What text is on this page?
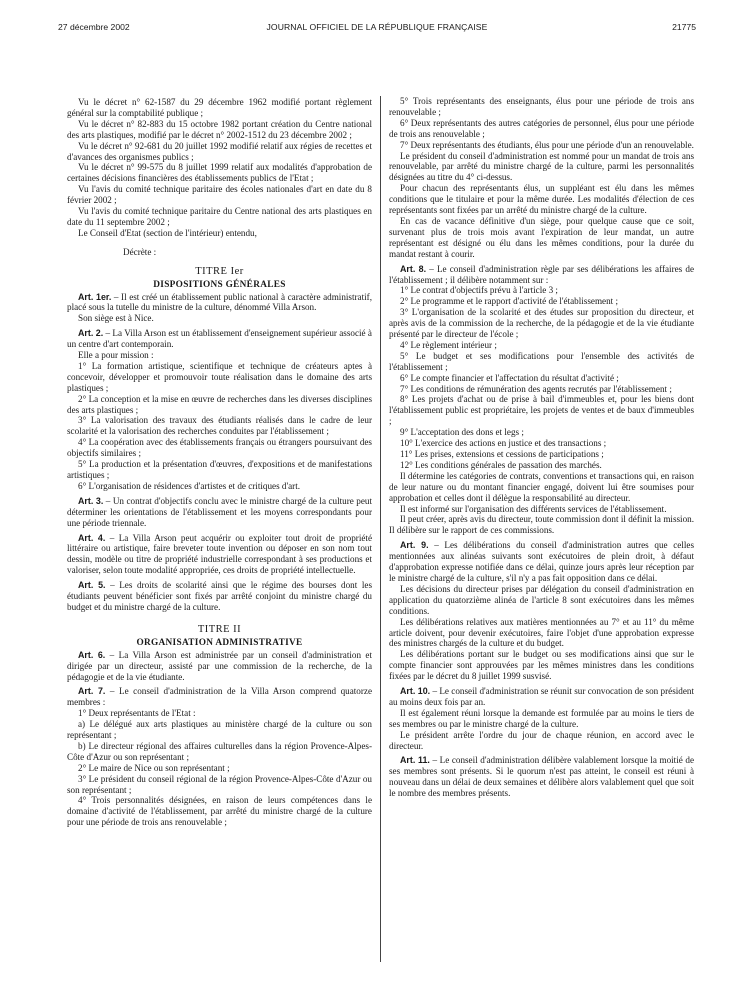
27 décembre 2002	JOURNAL OFFICIEL DE LA RÉPUBLIQUE FRANÇAISE	21775

Vu le décret n° 62-1587 du 29 décembre 1962 modifié portant règlement général sur la comptabilité publique ;

Vu le décret n° 82-883 du 15 octobre 1982 portant création du Centre national des arts plastiques, modifié par le décret n° 2002-1512 du 23 décembre 2002 ;

Vu le décret n° 92-681 du 20 juillet 1992 modifié relatif aux régies de recettes et d'avances des organismes publics ;

Vu le décret n° 99-575 du 8 juillet 1999 relatif aux modalités d'approbation de certaines décisions financières des établissements publics de l'Etat ;

Vu l'avis du comité technique paritaire des écoles nationales d'art en date du 8 février 2002 ;

Vu l'avis du comité technique paritaire du Centre national des arts plastiques en date du 11 septembre 2002 ;

Le Conseil d'Etat (section de l'intérieur) entendu,

Décrète :

TITRE Ier

DISPOSITIONS GÉNÉRALES

Art. 1er. – Il est créé un établissement public national à caractère administratif, placé sous la tutelle du ministre de la culture, dénommé Villa Arson.

Son siège est à Nice.

Art. 2. – La Villa Arson est un établissement d'enseignement supérieur associé à un centre d'art contemporain.

Elle a pour mission :

1° La formation artistique, scientifique et technique de créateurs aptes à concevoir, développer et promouvoir toute réalisation dans le domaine des arts plastiques ;

2° La conception et la mise en œuvre de recherches dans les diverses disciplines des arts plastiques ;

3° La valorisation des travaux des étudiants réalisés dans le cadre de leur scolarité et la valorisation des recherches conduites par l'établissement ;

4° La coopération avec des établissements français ou étrangers poursuivant des objectifs similaires ;

5° La production et la présentation d'œuvres, d'expositions et de manifestations artistiques ;

6° L'organisation de résidences d'artistes et de critiques d'art.

Art. 3. – Un contrat d'objectifs conclu avec le ministre chargé de la culture peut déterminer les orientations de l'établissement et les moyens correspondants pour une période triennale.

Art. 4. – La Villa Arson peut acquérir ou exploiter tout droit de propriété littéraire ou artistique, faire breveter toute invention ou déposer en son nom tout dessin, modèle ou titre de propriété industrielle correspondant à ses productions et valoriser, selon toute modalité appropriée, ces droits de propriété intellectuelle.

Art. 5. – Les droits de scolarité ainsi que le régime des bourses dont les étudiants peuvent bénéficier sont fixés par arrêté conjoint du ministre chargé du budget et du ministre chargé de la culture.

TITRE II

ORGANISATION ADMINISTRATIVE

Art. 6. – La Villa Arson est administrée par un conseil d'administration et dirigée par un directeur, assisté par une commission de la recherche, de la pédagogie et de la vie étudiante.

Art. 7. – Le conseil d'administration de la Villa Arson comprend quatorze membres :

1° Deux représentants de l'Etat :

a) Le délégué aux arts plastiques au ministère chargé de la culture ou son représentant ;

b) Le directeur régional des affaires culturelles dans la région Provence-Alpes-Côte d'Azur ou son représentant ;

2° Le maire de Nice ou son représentant ;

3° Le président du conseil régional de la région Provence-Alpes-Côte d'Azur ou son représentant ;

4° Trois personnalités désignées, en raison de leurs compétences dans le domaine d'activité de l'établissement, par arrêté du ministre chargé de la culture pour une période de trois ans renouvelable ;

5° Trois représentants des enseignants, élus pour une période de trois ans renouvelable ;

6° Deux représentants des autres catégories de personnel, élus pour une période de trois ans renouvelable ;

7° Deux représentants des étudiants, élus pour une période d'un an renouvelable.

Le président du conseil d'administration est nommé pour un mandat de trois ans renouvelable, par arrêté du ministre chargé de la culture, parmi les personnalités désignées au titre du 4° ci-dessus.

Pour chacun des représentants élus, un suppléant est élu dans les mêmes conditions que le titulaire et pour la même durée. Les modalités d'élection de ces représentants sont fixées par un arrêté du ministre chargé de la culture.

En cas de vacance définitive d'un siège, pour quelque cause que ce soit, survenant plus de trois mois avant l'expiration de leur mandat, un autre représentant est désigné ou élu dans les mêmes conditions, pour la durée du mandat restant à courir.

Art. 8. – Le conseil d'administration règle par ses délibérations les affaires de l'établissement ; il délibère notamment sur :

1° Le contrat d'objectifs prévu à l'article 3 ;

2° Le programme et le rapport d'activité de l'établissement ;

3° L'organisation de la scolarité et des études sur proposition du directeur, et après avis de la commission de la recherche, de la pédagogie et de la vie étudiante présenté par le directeur de l'école ;

4° Le règlement intérieur ;

5° Le budget et ses modifications pour l'ensemble des activités de l'établissement ;

6° Le compte financier et l'affectation du résultat d'activité ;

7° Les conditions de rémunération des agents recrutés par l'établissement ;

8° Les projets d'achat ou de prise à bail d'immeubles et, pour les biens dont l'établissement public est propriétaire, les projets de ventes et de baux d'immeubles ;

9° L'acceptation des dons et legs ;

10° L'exercice des actions en justice et des transactions ;

11° Les prises, extensions et cessions de participations ;

12° Les conditions générales de passation des marchés.

Il détermine les catégories de contrats, conventions et transactions qui, en raison de leur nature ou du montant financier engagé, doivent lui être soumises pour approbation et celles dont il délègue la responsabilité au directeur.

Il est informé sur l'organisation des différents services de l'établissement.

Il peut créer, après avis du directeur, toute commission dont il définit la mission. Il délibère sur le rapport de ces commissions.

Art. 9. – Les délibérations du conseil d'administration autres que celles mentionnées aux alinéas suivants sont exécutoires de plein droit, à défaut d'approbation expresse notifiée dans ce délai, quinze jours après leur réception par le ministre chargé de la culture, s'il n'y a pas fait opposition dans ce délai.

Les décisions du directeur prises par délégation du conseil d'administration en application du quatorzième alinéa de l'article 8 sont exécutoires dans les mêmes conditions.

Les délibérations relatives aux matières mentionnées au 7° et au 11° du même article doivent, pour devenir exécutoires, faire l'objet d'une approbation expresse des ministres chargés de la culture et du budget.

Les délibérations portant sur le budget ou ses modifications ainsi que sur le compte financier sont approuvées par les mêmes ministres dans les conditions fixées par le décret du 8 juillet 1999 susvisé.

Art. 10. – Le conseil d'administration se réunit sur convocation de son président au moins deux fois par an.

Il est également réuni lorsque la demande est formulée par au moins le tiers de ses membres ou par le ministre chargé de la culture.

Le président arrête l'ordre du jour de chaque réunion, en accord avec le directeur.

Art. 11. – Le conseil d'administration délibère valablement lorsque la moitié de ses membres sont présents. Si le quorum n'est pas atteint, le conseil est réuni à nouveau dans un délai de deux semaines et délibère alors valablement quel que soit le nombre des membres présents.
